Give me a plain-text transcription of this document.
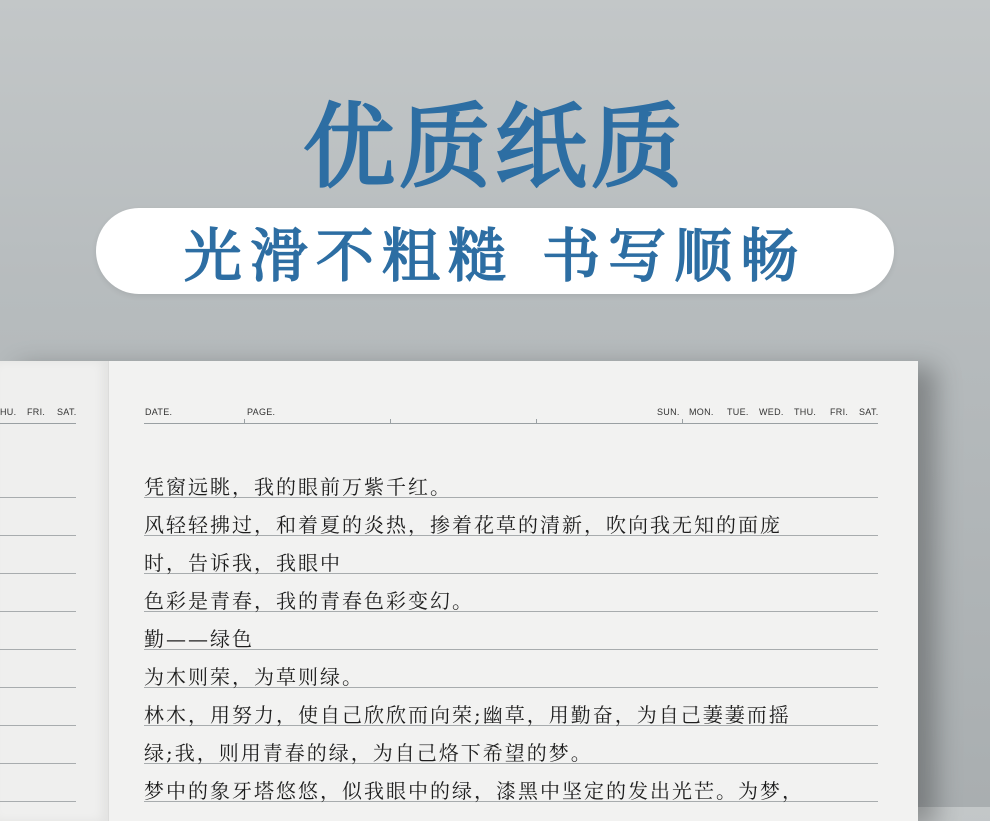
优质纸质
光滑不粗糙 书写顺畅
HU. FRI. SAT.	DATE.	PAGE.	SUN. MON. TUE. WED. THU. FRI. SAT.
凭窗远眺，我的眼前万紫千红。
风轻轻拂过，和着夏的炎热，掺着花草的清新，吹向我无知的面庞
时，告诉我，我眼中
色彩是青春，我的青春色彩变幻。
勤——绿色
为木则荣，为草则绿。
林木，用努力，使自己欣欣而向荣;幽草，用勤奋，为自己萋萋而摇
绿;我，则用青春的绿，为自己烙下希望的梦。
梦中的象牙塔悠悠，似我眼中的绿，漆黑中坚定的发出光芒。为梦，
